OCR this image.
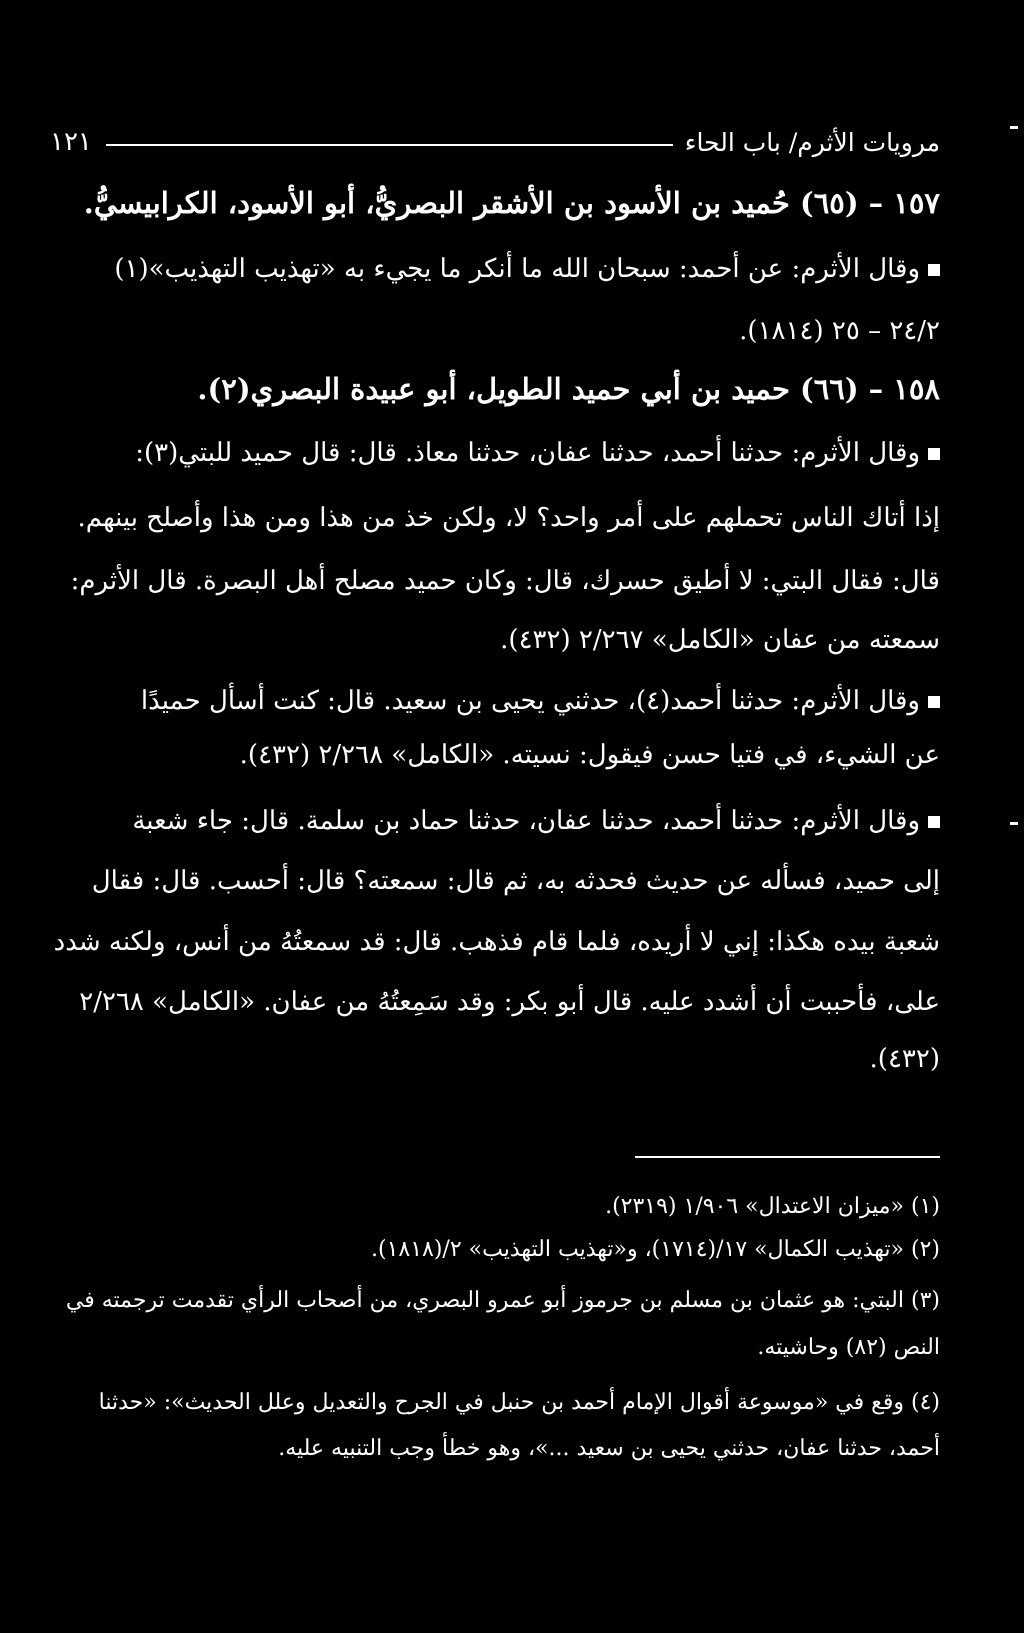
مرويات الأثرم/ باب الحاء
١٢١
١٥٧ – (٦٥) حُميد بن الأسود بن الأشقر البصريُّ، أبو الأسود، الكرابيسيُّ.
وقال الأثرم: عن أحمد: سبحان الله ما أنكر ما يجيء به «تهذيب التهذيب»(١)
٢٤/٢ – ٢٥ (١٨١٤).
١٥٨ – (٦٦) حميد بن أبي حميد الطويل، أبو عبيدة البصري(٢).
وقال الأثرم: حدثنا أحمد، حدثنا عفان، حدثنا معاذ. قال: قال حميد للبتي(٣):
إذا أتاك الناس تحملهم على أمر واحد؟ لا، ولكن خذ من هذا ومن هذا وأصلح بينهم.
قال: فقال البتي: لا أطيق حسرك، قال: وكان حميد مصلح أهل البصرة. قال الأثرم:
سمعته من عفان «الكامل» ٢/٢٦٧ (٤٣٢).
وقال الأثرم: حدثنا أحمد(٤)، حدثني يحيى بن سعيد. قال: كنت أسأل حميدًا
عن الشيء، في فتيا حسن فيقول: نسيته. «الكامل» ٢/٢٦٨ (٤٣٢).
وقال الأثرم: حدثنا أحمد، حدثنا عفان، حدثنا حماد بن سلمة. قال: جاء شعبة
إلى حميد، فسأله عن حديث فحدثه به، ثم قال: سمعته؟ قال: أحسب. قال: فقال
شعبة بيده هكذا: إني لا أريده، فلما قام فذهب. قال: قد سمعتُهُ من أنس، ولكنه شدد
على، فأحببت أن أشدد عليه. قال أبو بكر: وقد سَمِعتُهُ من عفان. «الكامل» ٢/٢٦٨
(٤٣٢).
(١) «ميزان الاعتدال» ١/٩٠٦ (٢٣١٩).
(٢) «تهذيب الكمال» ١٧/(١٧١٤)، و«تهذيب التهذيب» ٢/(١٨١٨).
(٣) البتي: هو عثمان بن مسلم بن جرموز أبو عمرو البصري، من أصحاب الرأي تقدمت ترجمته في
النص (٨٢) وحاشيته.
(٤) وقع في «موسوعة أقوال الإمام أحمد بن حنبل في الجرح والتعديل وعلل الحديث»: «حدثنا
أحمد، حدثنا عفان، حدثني يحيى بن سعيد ...»، وهو خطأ وجب التنبيه عليه.
